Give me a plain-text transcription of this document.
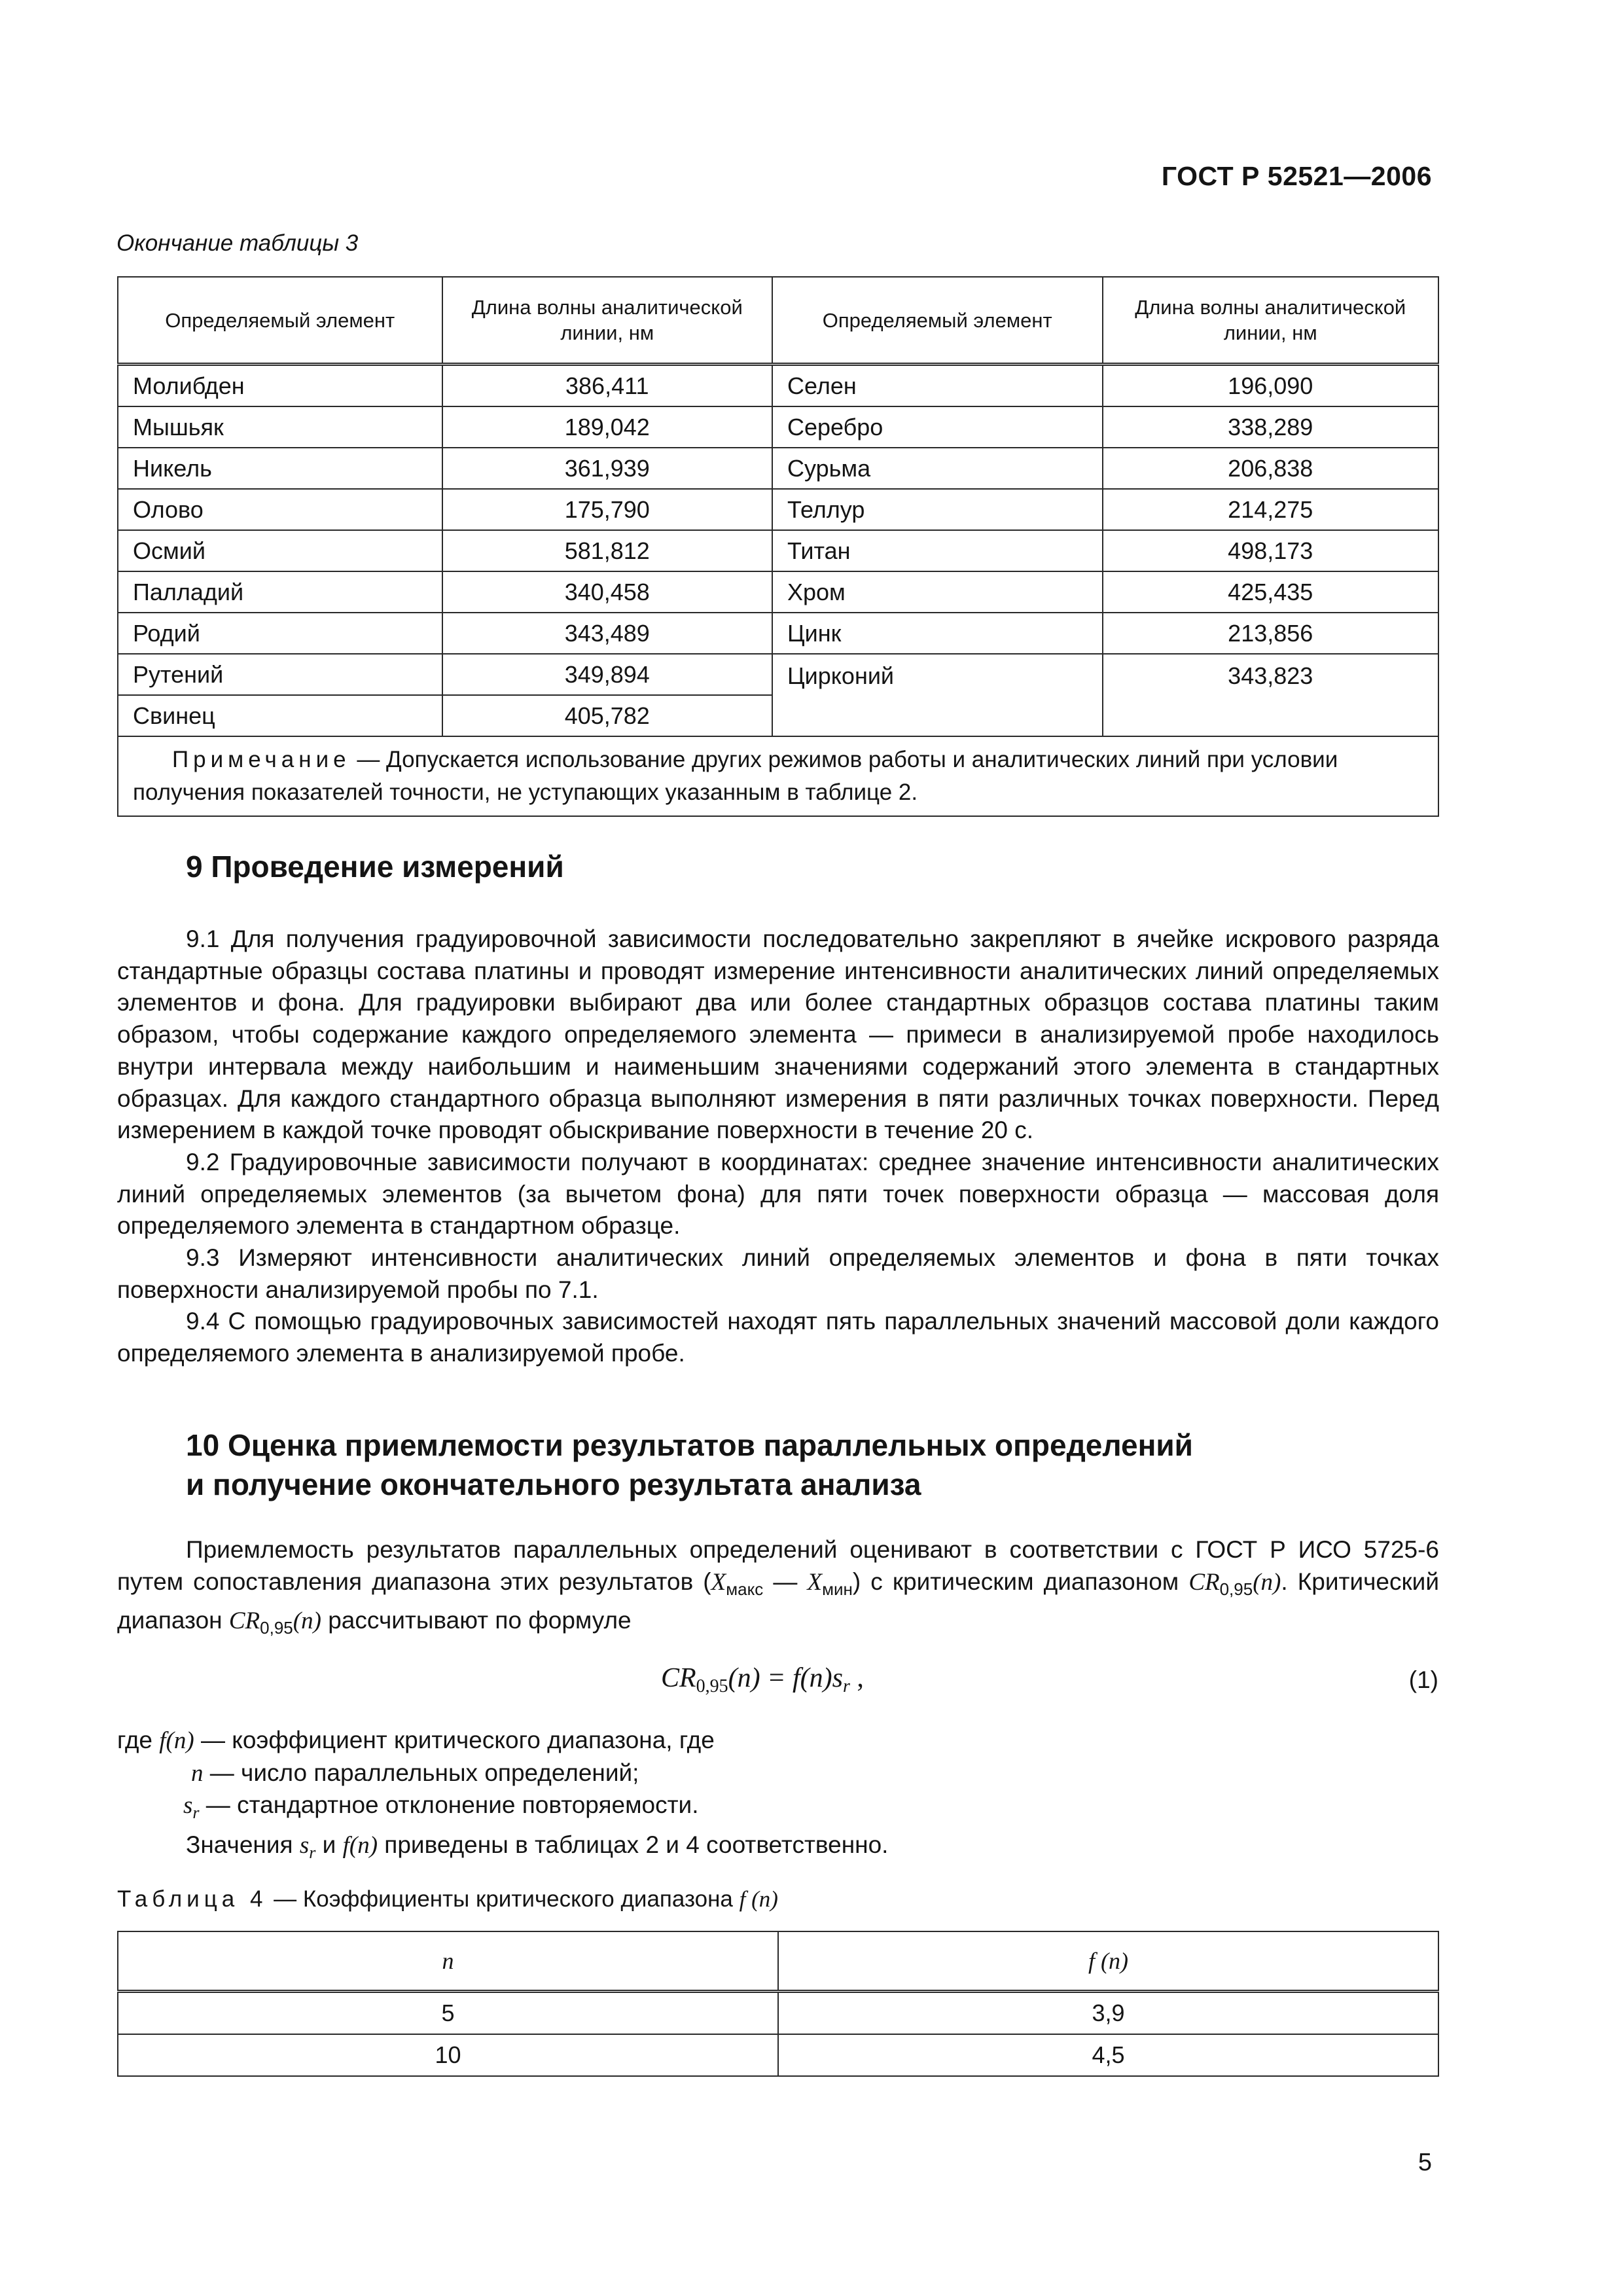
ГОСТ Р 52521—2006
Окончание таблицы 3
Определяемый элемент	Длина волны аналитической линии, нм	Определяемый элемент	Длина волны аналитической линии, нм
Молибден	386,411	Селен	196,090
Мышьяк	189,042	Серебро	338,289
Никель	361,939	Сурьма	206,838
Олово	175,790	Теллур	214,275
Осмий	581,812	Титан	498,173
Палладий	340,458	Хром	425,435
Родий	343,489	Цинк	213,856
Рутений	349,894	Цирконий	343,823
Свинец	405,782		
Примечание — Допускается использование других режимов работы и аналитических линий при условии получения показателей точности, не уступающих указанным в таблице 2.			
9 Проведение измерений

9.1 Для получения градуировочной зависимости последовательно закрепляют в ячейке искрового разряда стандартные образцы состава платины и проводят измерение интенсивности аналитических линий определяемых элементов и фона. Для градуировки выбирают два или более стандартных образцов состава платины таким образом, чтобы содержание каждого определяемого элемента — примеси в анализируемой пробе находилось внутри интервала между наибольшим и наименьшим значениями содержаний этого элемента в стандартных образцах. Для каждого стандартного образца выполняют измерения в пяти различных точках поверхности. Перед измерением в каждой точке проводят обыскривание поверхности в течение 20 с.

9.2 Градуировочные зависимости получают в координатах: среднее значение интенсивности аналитических линий определяемых элементов (за вычетом фона) для пяти точек поверхности образца — массовая доля определяемого элемента в стандартном образце.

9.3 Измеряют интенсивности аналитических линий определяемых элементов и фона в пяти точках поверхности анализируемой пробы по 7.1.

9.4 С помощью градуировочных зависимостей находят пять параллельных значений массовой доли каждого определяемого элемента в анализируемой пробе.

10 Оценка приемлемости результатов параллельных определений
и получение окончательного результата анализа

Приемлемость результатов параллельных определений оценивают в соответствии с ГОСТ Р ИСО 5725-6 путем сопоставления диапазона этих результатов ($X_{макс}$ — $X_{мин}$) с критическим диапазоном $CR_{0,95}(n)$. Критический диапазон $CR_{0,95}(n)$ рассчитывают по формуле

$CR_{0,95}(n) = f(n)s_r$ ,	(1)
где f(n) — коэффициент критического диапазона, где
n — число параллельных определений;
$s_r$ — стандартное отклонение повторяемости.
Значения $s_r$ и f(n) приведены в таблицах 2 и 4 соответственно.
Таблица 4 — Коэффициенты критического диапазона f (n)
n	f (n)
5	3,9
10	4,5
5
